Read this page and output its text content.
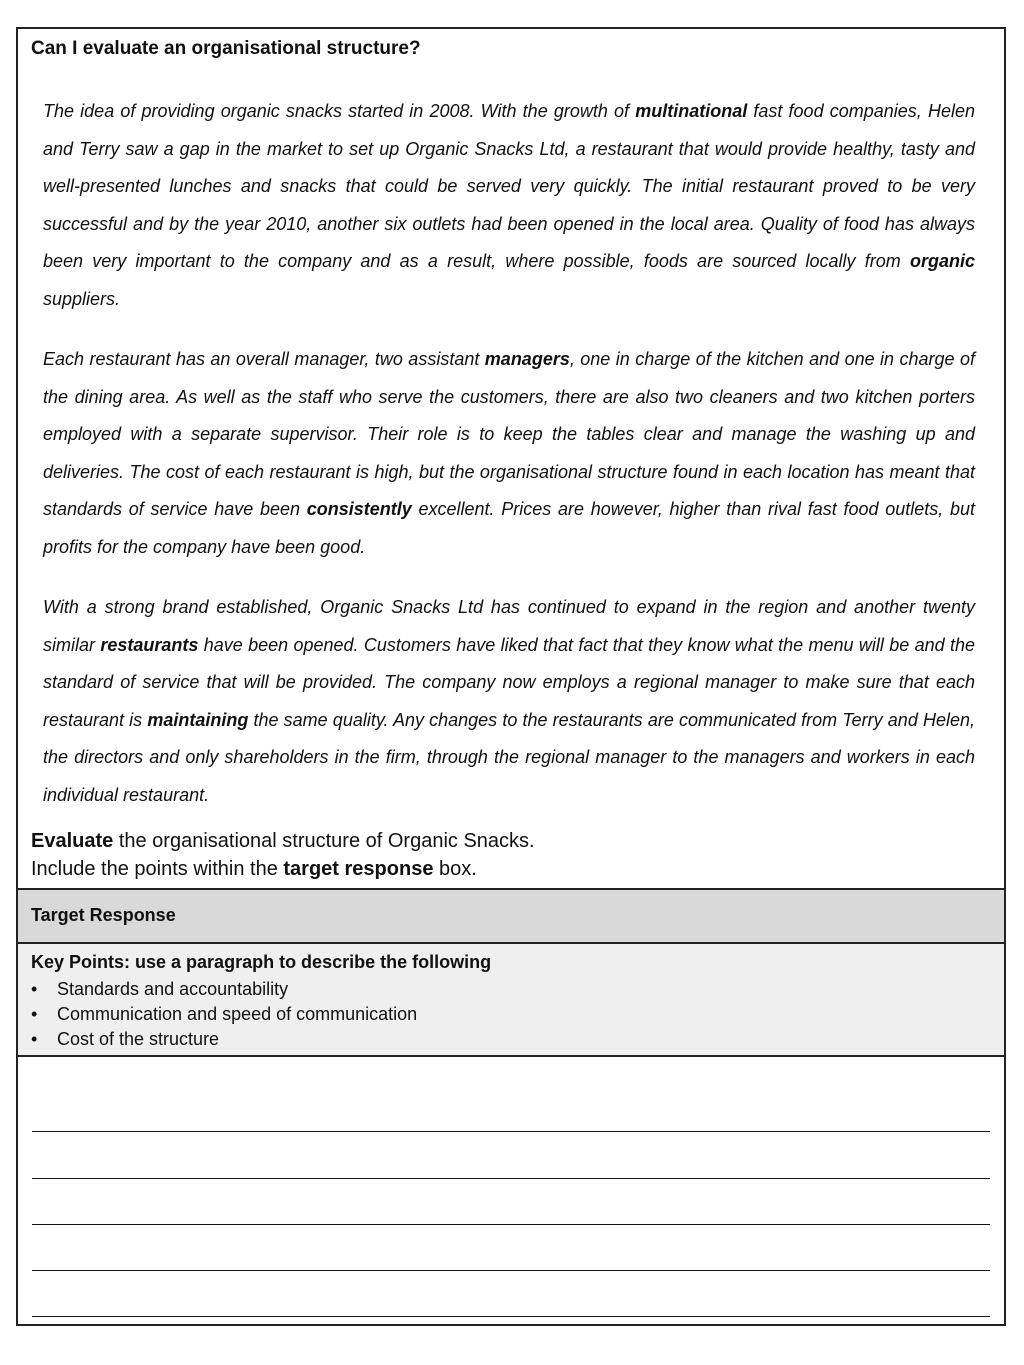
Can I evaluate an organisational structure?
The idea of providing organic snacks started in 2008. With the growth of multinational fast food companies, Helen and Terry saw a gap in the market to set up Organic Snacks Ltd, a restaurant that would provide healthy, tasty and well-presented lunches and snacks that could be served very quickly. The initial restaurant proved to be very successful and by the year 2010, another six outlets had been opened in the local area. Quality of food has always been very important to the company and as a result, where possible, foods are sourced locally from organic suppliers.
Each restaurant has an overall manager, two assistant managers, one in charge of the kitchen and one in charge of the dining area. As well as the staff who serve the customers, there are also two cleaners and two kitchen porters employed with a separate supervisor. Their role is to keep the tables clear and manage the washing up and deliveries. The cost of each restaurant is high, but the organisational structure found in each location has meant that standards of service have been consistently excellent. Prices are however, higher than rival fast food outlets, but profits for the company have been good.
With a strong brand established, Organic Snacks Ltd has continued to expand in the region and another twenty similar restaurants have been opened. Customers have liked that fact that they know what the menu will be and the standard of service that will be provided. The company now employs a regional manager to make sure that each restaurant is maintaining the same quality. Any changes to the restaurants are communicated from Terry and Helen, the directors and only shareholders in the firm, through the regional manager to the managers and workers in each individual restaurant.
Evaluate the organisational structure of Organic Snacks.
Include the points within the target response box.
Target Response
Key Points: use a paragraph to describe the following
• Standards and accountability
• Communication and speed of communication
• Cost of the structure
